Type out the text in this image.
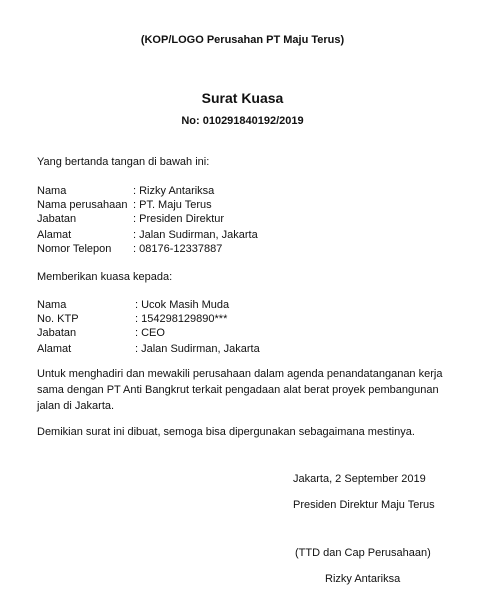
(KOP/LOGO Perusahan PT Maju Terus)
Surat Kuasa
No: 010291840192/2019
Yang bertanda tangan di bawah ini:
Nama	: Rizky Antariksa
Nama perusahaan : PT. Maju Terus
Jabatan	: Presiden Direktur
Alamat	: Jalan Sudirman, Jakarta
Nomor Telepon : 08176-12337887
Memberikan kuasa kepada:
Nama	: Ucok Masih Muda
No. KTP	: 154298129890***
Jabatan	: CEO
Alamat	: Jalan Sudirman, Jakarta
Untuk menghadiri dan mewakili perusahaan dalam agenda penandatanganan kerja sama dengan PT Anti Bangkrut terkait pengadaan alat berat proyek pembangunan jalan di Jakarta.
Demikian surat ini dibuat, semoga bisa dipergunakan sebagaimana mestinya.
Jakarta, 2 September 2019
Presiden Direktur Maju Terus
(TTD dan Cap Perusahaan)
Rizky Antariksa
